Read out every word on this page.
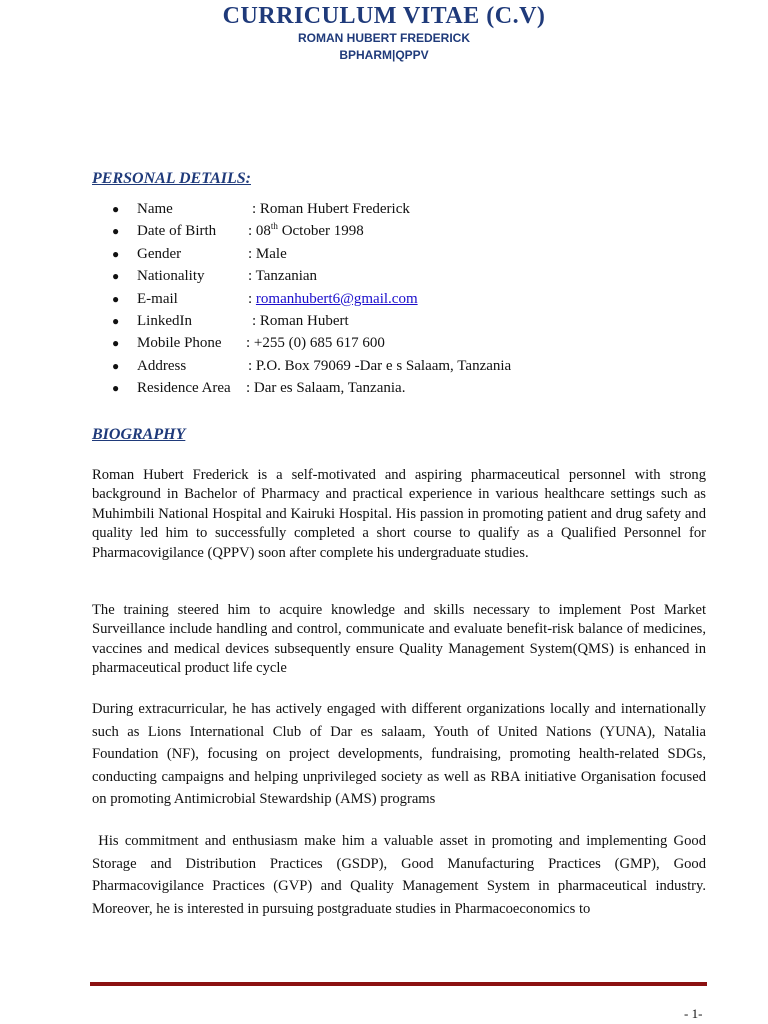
CURRICULUM VITAE (C.V)
ROMAN HUBERT FREDERICK
BPHARM|QPPV
PERSONAL DETAILS:
● Name	: Roman Hubert Frederick
● Date of Birth : 08th October 1998
● Gender	: Male
● Nationality	: Tanzanian
● E-mail	: romanhubert6@gmail.com
● LinkedIn	: Roman Hubert
● Mobile Phone : +255 (0) 685 617 600
● Address	: P.O. Box 79069 -Dar e s Salaam, Tanzania
● Residence Area : Dar es Salaam, Tanzania.
BIOGRAPHY

Roman Hubert Frederick is a self-motivated and aspiring pharmaceutical personnel with strong background in Bachelor of Pharmacy and practical experience in various healthcare settings such as Muhimbili National Hospital and Kairuki Hospital. His passion in promoting patient and drug safety and quality led him to successfully completed a short course to qualify as a Qualified Personnel for Pharmacovigilance (QPPV) soon after complete his undergraduate studies.

The training steered him to acquire knowledge and skills necessary to implement Post Market Surveillance include handling and control, communicate and evaluate benefit-risk balance of medicines, vaccines and medical devices subsequently ensure Quality Management System(QMS) is enhanced in pharmaceutical product life cycle

During extracurricular, he has actively engaged with different organizations locally and internationally such as Lions International Club of Dar es salaam, Youth of United Nations (YUNA), Natalia Foundation (NF), focusing on project developments, fundraising, promoting health-related SDGs, conducting campaigns and helping unprivileged society as well as RBA initiative Organisation focused on promoting Antimicrobial Stewardship (AMS) programs

His commitment and enthusiasm make him a valuable asset in promoting and implementing Good Storage and Distribution Practices (GSDP), Good Manufacturing Practices (GMP), Good Pharmacovigilance Practices (GVP) and Quality Management System in pharmaceutical industry. Moreover, he is interested in pursuing postgraduate studies in Pharmacoeconomics to

- 1-
